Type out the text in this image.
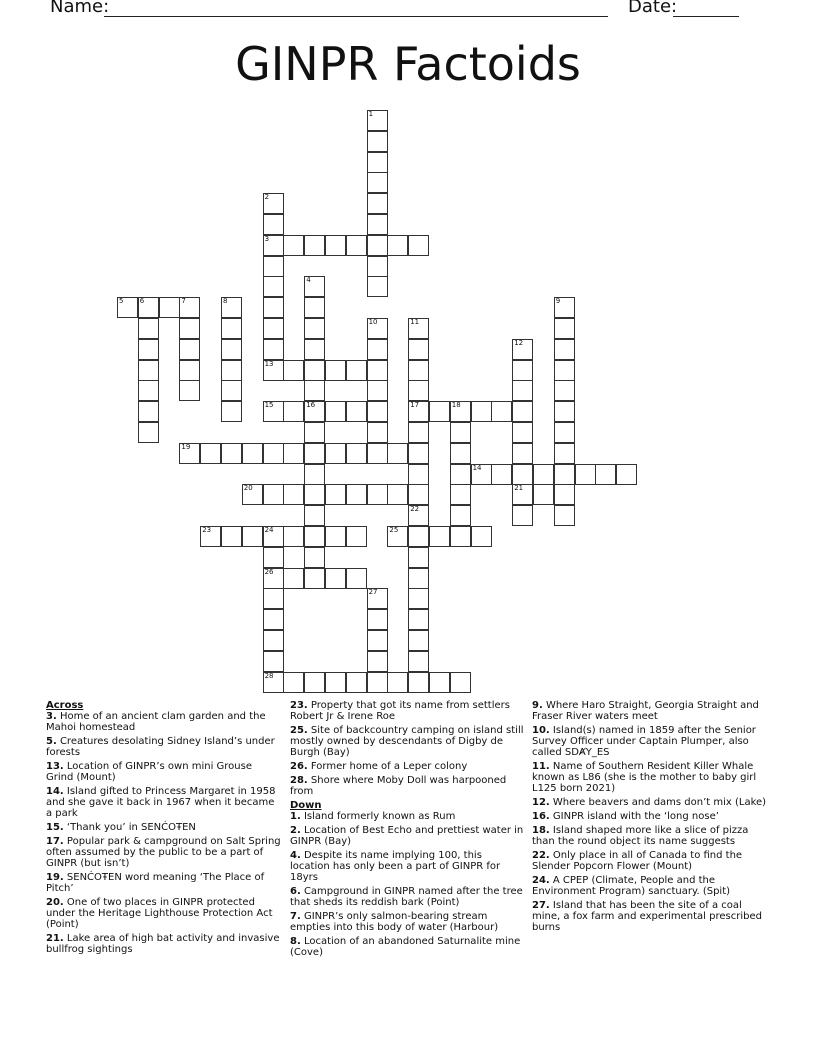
Name:	Date:
GINPR Factoids
3
5 6
13
14
15	16	17	18
19
20	21
23	24	25
26
28
1
2
4
7	8	9
10	11
12
22
27
Across
3. Home of an ancient clam garden and the Mahoi homestead
5. Creatures desolating Sidney Island’s under forests
13. Location of GINPR’s own mini Grouse Grind (Mount)
14. Island gifted to Princess Margaret in 1958 and she gave it back in 1967 when it became a park
15. ‘Thank you’ in SENĆOŦEN
17. Popular park & campground on Salt Spring often assumed by the public to be a part of GINPR (but isn’t)
19. SENĆOŦEN word meaning ‘The Place of Pitch’
20. One of two places in GINPR protected under the Heritage Lighthouse Protection Act (Point)
21. Lake area of high bat activity and invasive bullfrog sightings
23. Property that got its name from settlers Robert Jr & Irene Roe
25. Site of backcountry camping on island still mostly owned by descendants of Digby de Burgh (Bay)
26. Former home of a Leper colony
28. Shore where Moby Doll was harpooned from
Down
1. Island formerly known as Rum
2. Location of Best Echo and prettiest water in GINPR (Bay)
4. Despite its name implying 100, this location has only been a part of GINPR for 18yrs
6. Campground in GINPR named after the tree that sheds its reddish bark (Point)
7. GINPR’s only salmon-bearing stream empties into this body of water (Harbour)
8. Location of an abandoned Saturnalite mine (Cove)
9. Where Haro Straight, Georgia Straight and Fraser River waters meet
10. Island(s) named in 1859 after the Senior Survey Officer under Captain Plumper, also called SDȺY_ES
11. Name of Southern Resident Killer Whale known as L86 (she is the mother to baby girl L125 born 2021)
12. Where beavers and dams don’t mix (Lake)
16. GINPR island with the ‘long nose’
18. Island shaped more like a slice of pizza than the round object its name suggests
22. Only place in all of Canada to find the Slender Popcorn Flower (Mount)
24. A CPEP (Climate, People and the Environment Program) sanctuary. (Spit)
27. Island that has been the site of a coal mine, a fox farm and experimental prescribed burns
